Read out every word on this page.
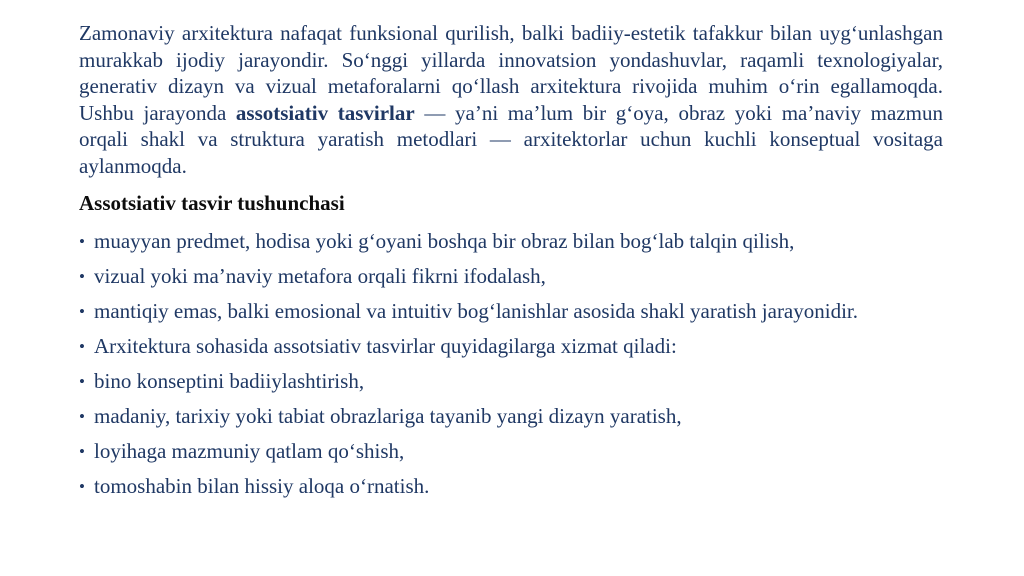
Zamonaviy arxitektura nafaqat funksional qurilish, balki badiiy-estetik tafakkur bilan uyg‘unlashgan murakkab ijodiy jarayondir. So‘nggi yillarda innovatsion yondashuvlar, raqamli texnologiyalar, generativ dizayn va vizual metaforalarni qo‘llash arxitektura rivojida muhim o‘rin egallamoqda. Ushbu jarayonda assotsiativ tasvirlar — ya’ni ma’lum bir g‘oya, obraz yoki ma’naviy mazmun orqali shakl va struktura yaratish metodlari — arxitektorlar uchun kuchli konseptual vositaga aylanmoqda.

Assotsiativ tasvir tushunchasi
• muayyan predmet, hodisa yoki g‘oyani boshqa bir obraz bilan bog‘lab talqin qilish,
• vizual yoki ma’naviy metafora orqali fikrni ifodalash,
• mantiqiy emas, balki emosional va intuitiv bog‘lanishlar asosida shakl yaratish jarayonidir.
• Arxitektura sohasida assotsiativ tasvirlar quyidagilarga xizmat qiladi:
• bino konseptini badiiylashtirish,
• madaniy, tarixiy yoki tabiat obrazlariga tayanib yangi dizayn yaratish,
• loyihaga mazmuniy qatlam qo‘shish,
• tomoshabin bilan hissiy aloqa o‘rnatish.
